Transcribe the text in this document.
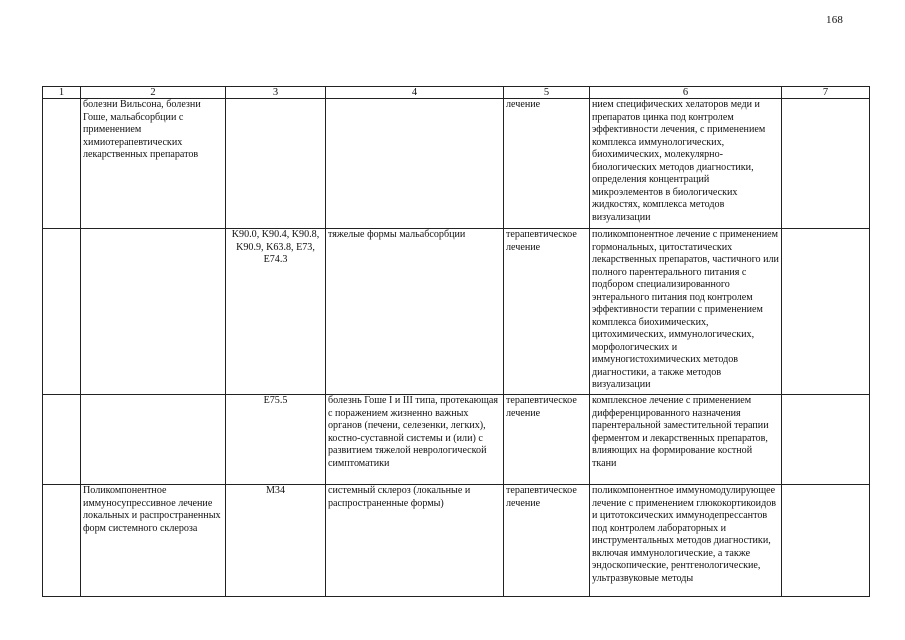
168
1	2	3	4	5	6	7
	болезни Вильсона, болезни Гоше, мальабсорбции с применением химиотерапевтических лекарственных препаратов			лечение	нием специфических хелаторов меди и препаратов цинка под контролем эффективности лечения, с применением комплекса иммунологических, биохимических, молекулярно-биологических методов диагностики, определения концентраций микроэлементов в биологических жидкостях, комплекса методов визуализации	
		K90.0, K90.4, K90.8, K90.9, K63.8, E73, E74.3	тяжелые формы мальабсорбции	терапевтическое лечение	поликомпонентное лечение с применением гормональных, цитостатических лекарственных препаратов, частичного или полного парентерального питания с подбором специализированного энтерального питания под контролем эффективности терапии с применением комплекса биохимических, цитохимических, иммунологических, морфологических и иммуногистохимических методов диагностики, а также методов визуализации	
		E75.5	болезнь Гоше I и III типа, протекающая с поражением жизненно важных органов (печени, селезенки, легких), костно-суставной системы и (или) с развитием тяжелой неврологической симптоматики	терапевтическое лечение	комплексное лечение с применением дифференцированного назначения парентеральной заместительной терапии ферментом и лекарственных препаратов, влияющих на формирование костной ткани	
	Поликомпонентное иммуносупрессивное лечение локальных и распространенных форм системного склероза	M34	системный склероз (локальные и распространенные формы)	терапевтическое лечение	поликомпонентное иммуномодулирующее лечение с применением глюкокортикоидов и цитотоксических иммунодепрессантов под контролем лабораторных и инструментальных методов диагностики, включая иммунологические, а также эндоскопические, рентгенологические, ультразвуковые методы	
